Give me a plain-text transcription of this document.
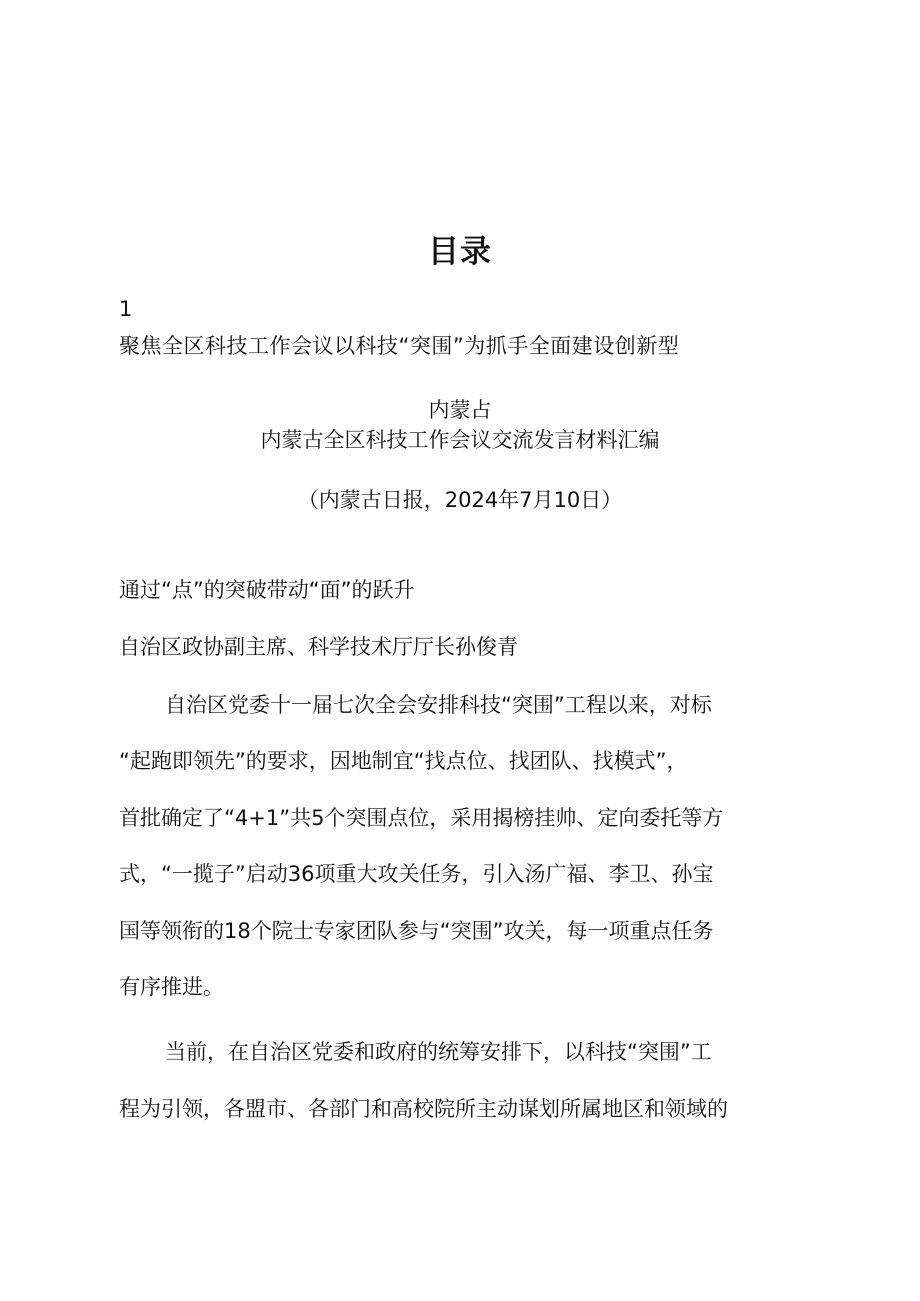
目录
1
聚焦全区科技工作会议以科技“突围”为抓手全面建设创新型
内蒙占
内蒙古全区科技工作会议交流发言材料汇编
（内蒙古日报，2024年7月10日）
通过“点”的突破带动“面”的跃升
自治区政协副主席、科学技术厅厅长孙俊青
自治区党委十一届七次全会安排科技“突围”工程以来，对标
“起跑即领先”的要求，因地制宜“找点位、找团队、找模式”，
首批确定了“4+1”共5个突围点位，采用揭榜挂帅、定向委托等方
式，“一揽子”启动36项重大攻关任务，引入汤广福、李卫、孙宝
国等领衔的18个院士专家团队参与“突围”攻关，每一项重点任务
有序推进。
当前，在自治区党委和政府的统筹安排下，以科技“突围”工
程为引领，各盟市、各部门和高校院所主动谋划所属地区和领域的
